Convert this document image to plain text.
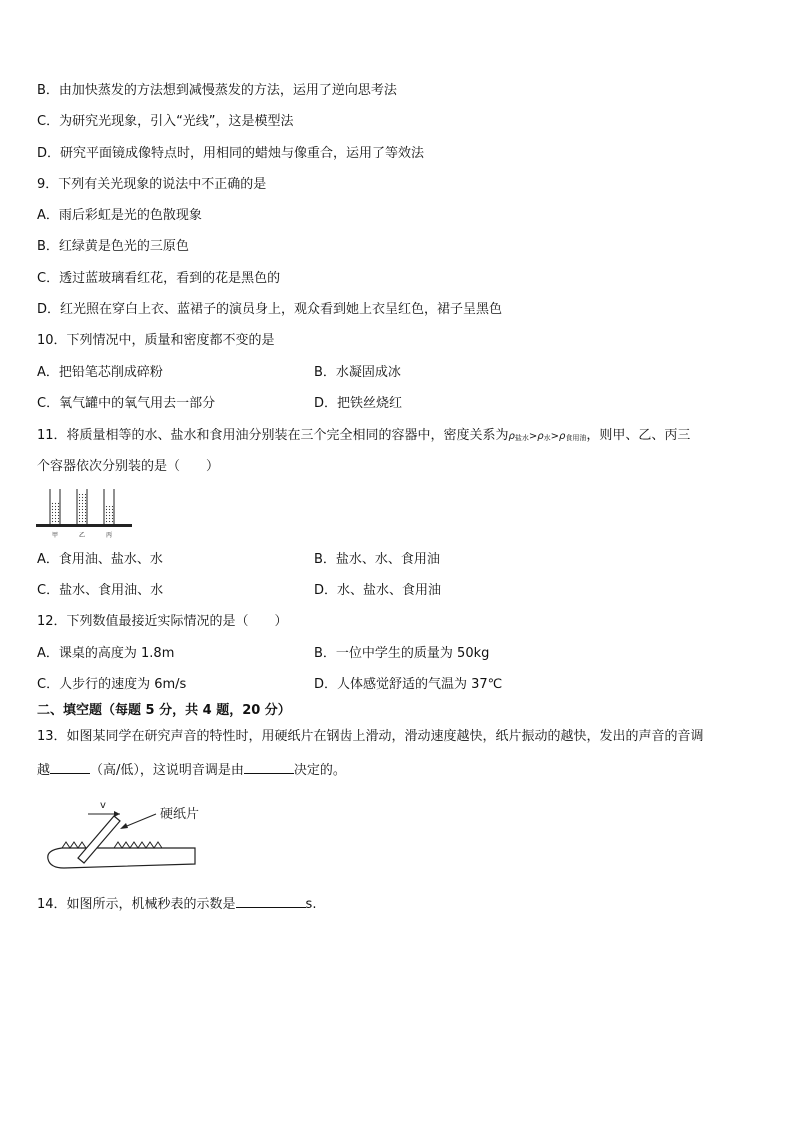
B．由加快蒸发的方法想到减慢蒸发的方法，运用了逆向思考法
C．为研究光现象，引入“光线”，这是模型法
D．研究平面镜成像特点时，用相同的蜡烛与像重合，运用了等效法
9．下列有关光现象的说法中不正确的是
A．雨后彩虹是光的色散现象
B．红绿黄是色光的三原色
C．透过蓝玻璃看红花，看到的花是黑色的
D．红光照在穿白上衣、蓝裙子的演员身上，观众看到她上衣呈红色，裙子呈黑色
10．下列情况中，质量和密度都不变的是
A．把铅笔芯削成碎粉	B．水凝固成冰
C．氧气罐中的氧气用去一部分	D．把铁丝烧红
11．将质量相等的水、盐水和食用油分别装在三个完全相同的容器中，密度关系为$\rho_{盐水}>\rho_水>\rho_{食用油}$，则甲、乙、丙三
个容器依次分别装的是（　　）
甲	乙	丙
A．食用油、盐水、水	B．盐水、水、食用油
C．盐水、食用油、水	D．水、盐水、食用油
12．下列数值最接近实际情况的是（　　）
A．课桌的高度为 1.8m	B．一位中学生的质量为 50kg
C．人步行的速度为 6m/s	D．人体感觉舒适的气温为 37℃
二、填空题（每题 5 分，共 4 题，20 分）
13．如图某同学在研究声音的特性时，用硬纸片在钢齿上滑动，滑动速度越快，纸片振动的越快，发出的声音的音调
越	（高/低），这说明音调是由	决定的。
v
硬纸片
14．如图所示，机械秒表的示数是	s.
